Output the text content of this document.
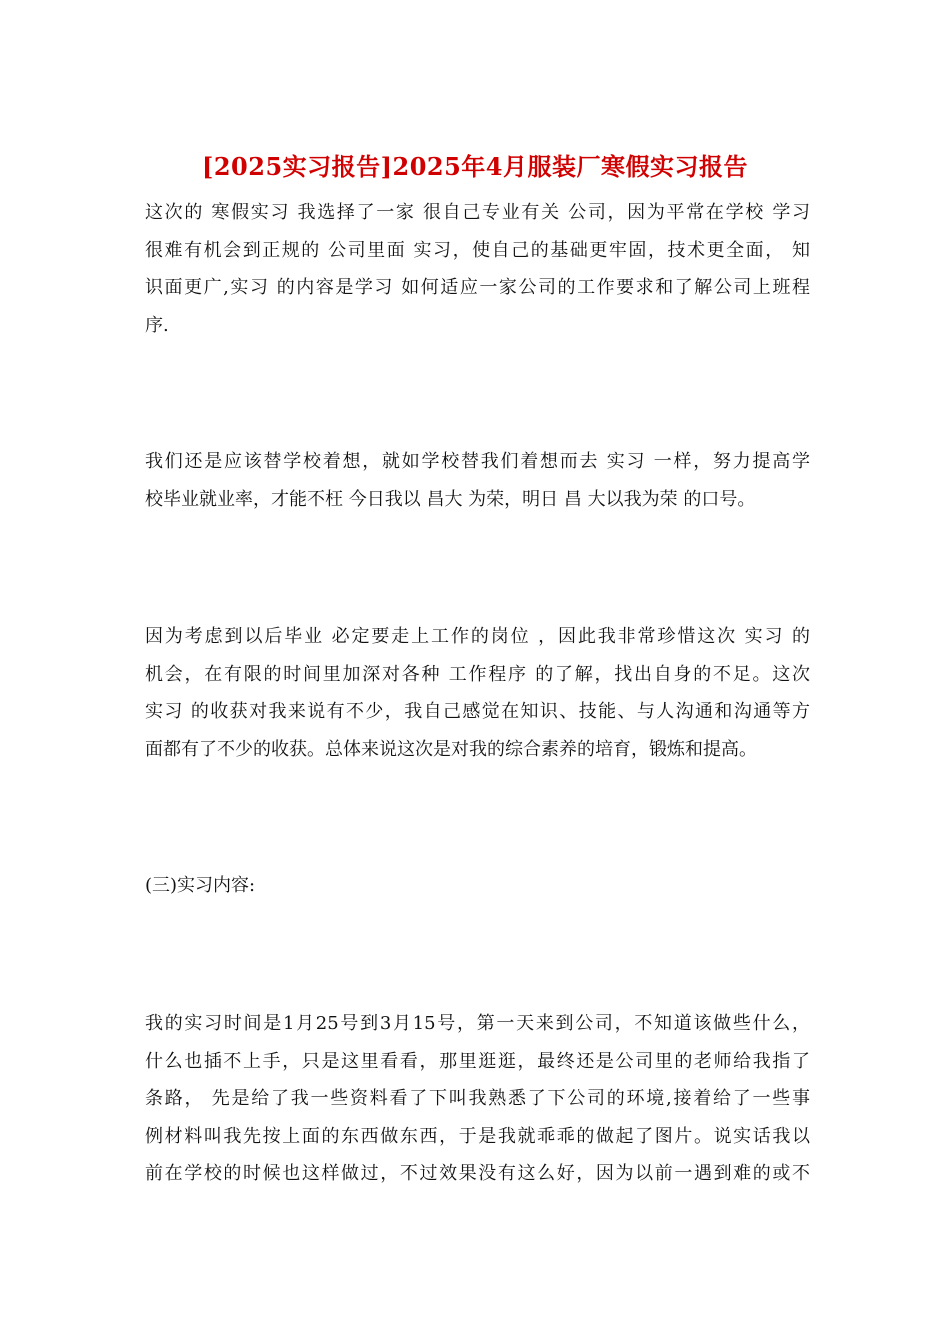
[2025实习报告]2025年4月服装厂寒假实习报告
这次的 寒假实习 我选择了一家 很自己专业有关 公司，因为平常在学校 学习
很难有机会到正规的 公司里面 实习，使自己的基础更牢固，技术更全面， 知
识面更广,实习 的内容是学习 如何适应一家公司的工作要求和了解公司上班程
序.
我们还是应该替学校着想，就如学校替我们着想而去 实习 一样，努力提高学
校毕业就业率，才能不枉 今日我以 昌大 为荣，明日 昌 大以我为荣 的口号。
因为考虑到以后毕业 必定要走上工作的岗位 ，因此我非常珍惜这次 实习 的
机会，在有限的时间里加深对各种 工作程序 的了解，找出自身的不足。这次
实习 的收获对我来说有不少，我自己感觉在知识、技能、与人沟通和沟通等方
面都有了不少的收获。总体来说这次是对我的综合素养的培育，锻炼和提高。
(三)实习内容:
我的实习时间是1月25号到3月15号，第一天来到公司，不知道该做些什么，
什么也插不上手，只是这里看看，那里逛逛，最终还是公司里的老师给我指了
条路， 先是给了我一些资料看了下叫我熟悉了下公司的环境,接着给了一些事
例材料叫我先按上面的东西做东西，于是我就乖乖的做起了图片。说实话我以
前在学校的时候也这样做过，不过效果没有这么好，因为以前一遇到难的或不
